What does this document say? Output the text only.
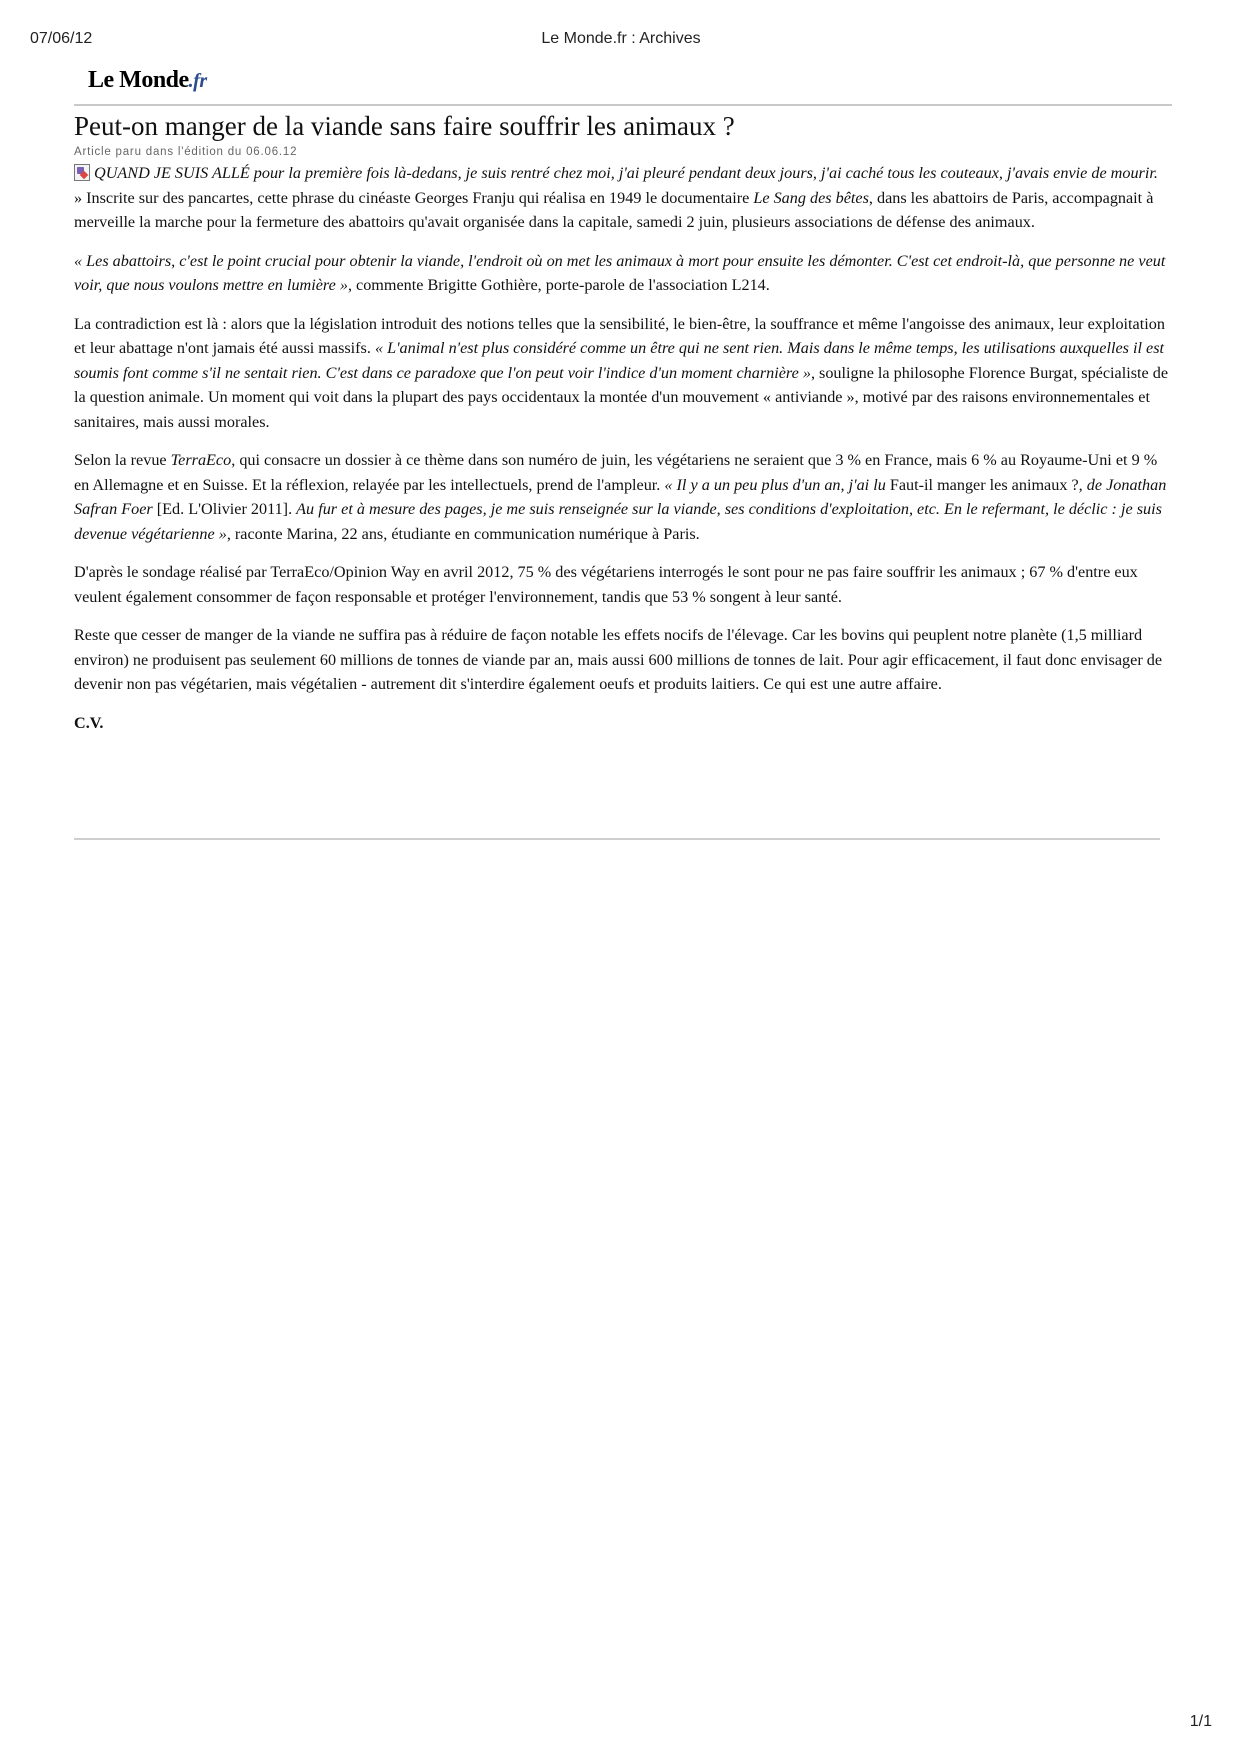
07/06/12	Le Monde.fr : Archives
Le Monde.fr
Peut-on manger de la viande sans faire souffrir les animaux ?
Article paru dans l'édition du 06.06.12

QUAND JE SUIS ALLÉ pour la première fois là-dedans, je suis rentré chez moi, j'ai pleuré pendant deux jours, j'ai caché tous les couteaux, j'avais envie de mourir. » Inscrite sur des pancartes, cette phrase du cinéaste Georges Franju qui réalisa en 1949 le documentaire Le Sang des bêtes, dans les abattoirs de Paris, accompagnait à merveille la marche pour la fermeture des abattoirs qu'avait organisée dans la capitale, samedi 2 juin, plusieurs associations de défense des animaux.

« Les abattoirs, c'est le point crucial pour obtenir la viande, l'endroit où on met les animaux à mort pour ensuite les démonter. C'est cet endroit-là, que personne ne veut voir, que nous voulons mettre en lumière », commente Brigitte Gothière, porte-parole de l'association L214.

La contradiction est là : alors que la législation introduit des notions telles que la sensibilité, le bien-être, la souffrance et même l'angoisse des animaux, leur exploitation et leur abattage n'ont jamais été aussi massifs. « L'animal n'est plus considéré comme un être qui ne sent rien. Mais dans le même temps, les utilisations auxquelles il est soumis font comme s'il ne sentait rien. C'est dans ce paradoxe que l'on peut voir l'indice d'un moment charnière », souligne la philosophe Florence Burgat, spécialiste de la question animale. Un moment qui voit dans la plupart des pays occidentaux la montée d'un mouvement « antiviande », motivé par des raisons environnementales et sanitaires, mais aussi morales.

Selon la revue TerraEco, qui consacre un dossier à ce thème dans son numéro de juin, les végétariens ne seraient que 3 % en France, mais 6 % au Royaume-Uni et 9 % en Allemagne et en Suisse. Et la réflexion, relayée par les intellectuels, prend de l'ampleur. « Il y a un peu plus d'un an, j'ai lu Faut-il manger les animaux ?, de Jonathan Safran Foer [Ed. L'Olivier 2011]. Au fur et à mesure des pages, je me suis renseignée sur la viande, ses conditions d'exploitation, etc. En le refermant, le déclic : je suis devenue végétarienne », raconte Marina, 22 ans, étudiante en communication numérique à Paris.

D'après le sondage réalisé par TerraEco/Opinion Way en avril 2012, 75 % des végétariens interrogés le sont pour ne pas faire souffrir les animaux ; 67 % d'entre eux veulent également consommer de façon responsable et protéger l'environnement, tandis que 53 % songent à leur santé.

Reste que cesser de manger de la viande ne suffira pas à réduire de façon notable les effets nocifs de l'élevage. Car les bovins qui peuplent notre planète (1,5 milliard environ) ne produisent pas seulement 60 millions de tonnes de viande par an, mais aussi 600 millions de tonnes de lait. Pour agir efficacement, il faut donc envisager de devenir non pas végétarien, mais végétalien - autrement dit s'interdire également oeufs et produits laitiers. Ce qui est une autre affaire.

C.V.

1/1
